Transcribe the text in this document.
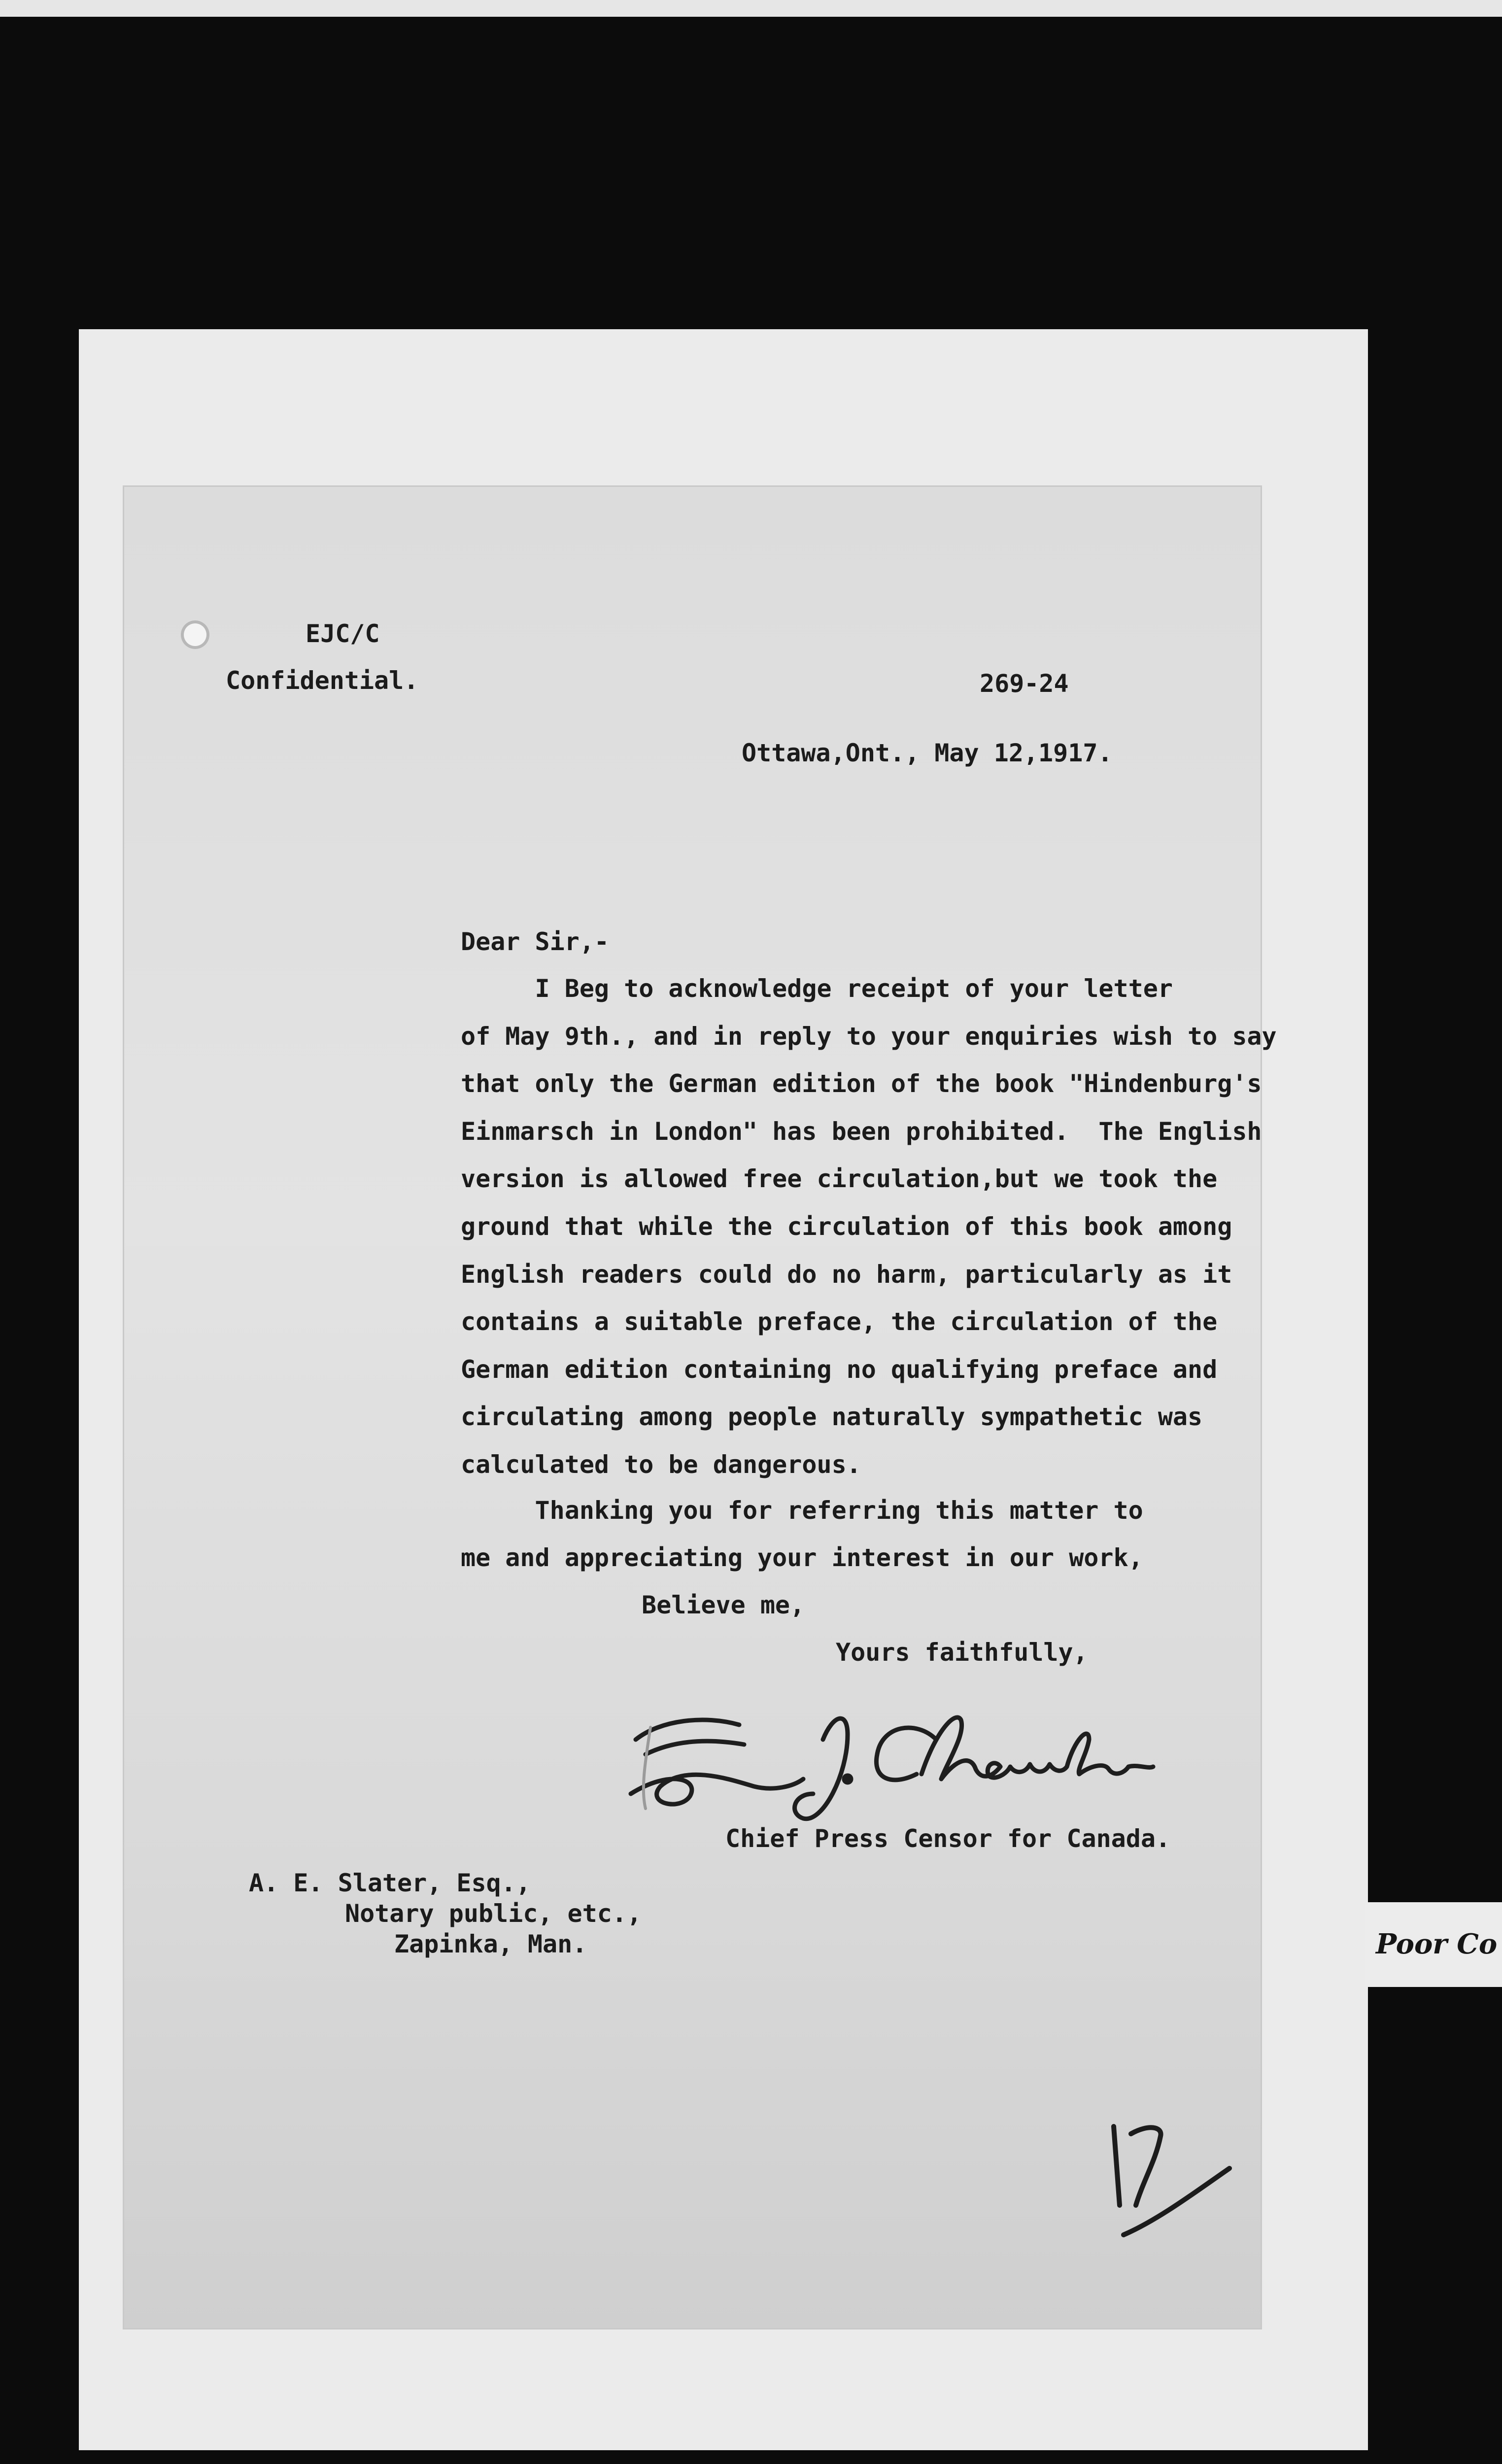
EJC/C

Confidential.	269-24

Ottawa,Ont., May 12,1917.

Dear Sir,-

I Beg to acknowledge receipt of your letter

of May 9th., and in reply to your enquiries wish to say

that only the German edition of the book "Hindenburg's

Einmarsch in London" has been prohibited.  The English

version is allowed free circulation,but we took the

ground that while the circulation of this book among

English readers could do no harm, particularly as it

contains a suitable preface, the circulation of the

German edition containing no qualifying preface and

circulating among people naturally sympathetic was

calculated to be dangerous.

Thanking you for referring this matter to

me and appreciating your interest in our work,

Believe me,

Yours faithfully,

Chief Press Censor for Canada.

A. E. Slater, Esq.,

Notary public, etc.,

Zapinka, Man.	Poor Co
